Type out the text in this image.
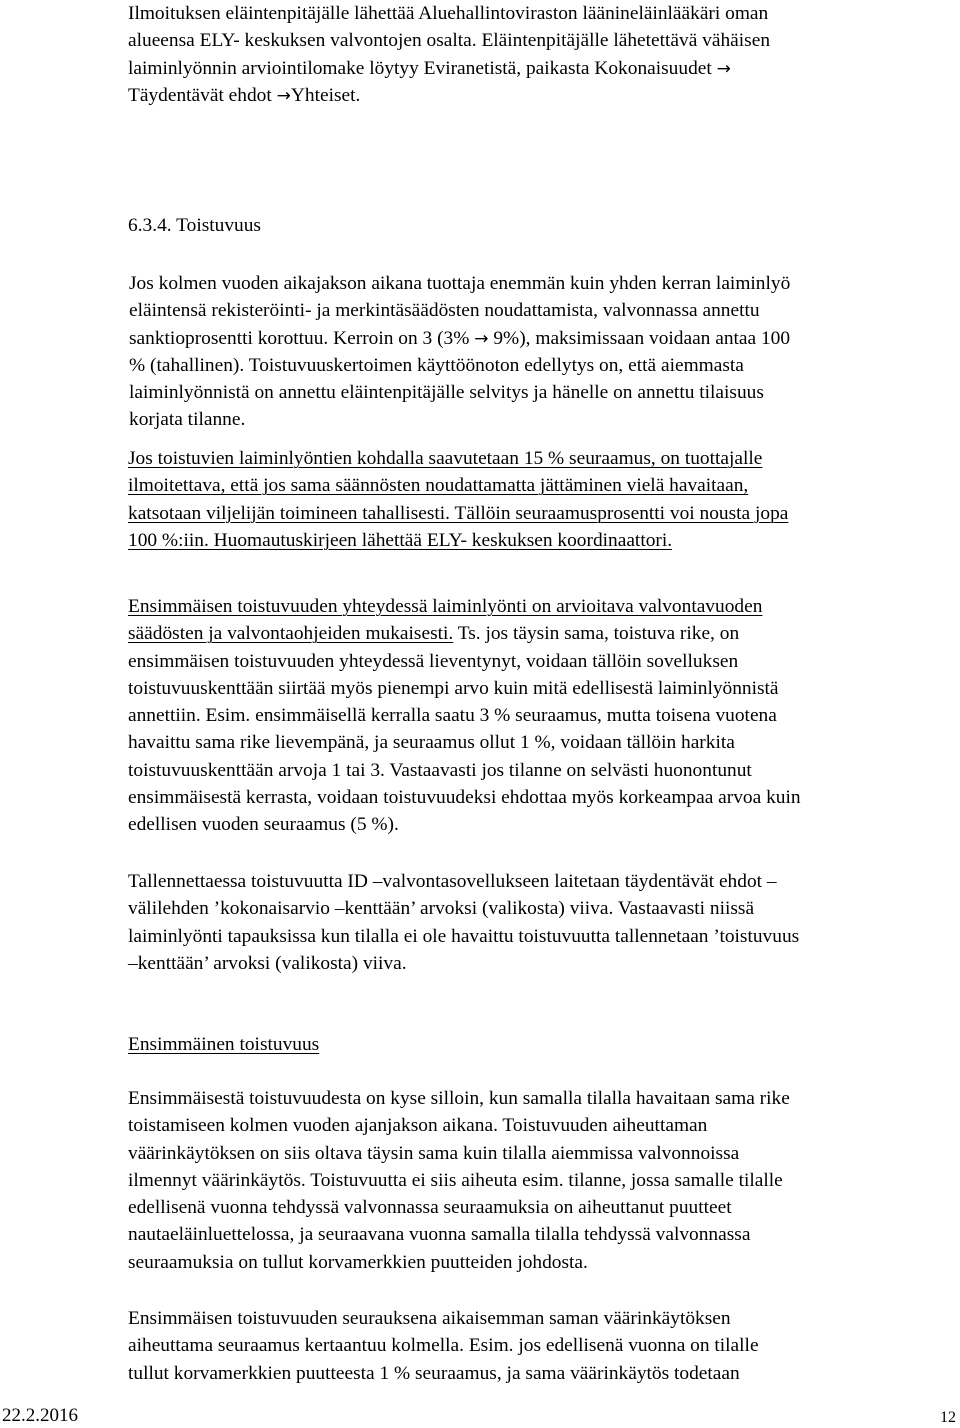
Ilmoituksen eläintenpitäjälle lähettää Aluehallintoviraston läänineläinlääkäri oman
alueensa ELY- keskuksen valvontojen osalta. Eläintenpitäjälle lähetettävä vähäisen
laiminlyönnin arviointilomake löytyy Eviranetistä, paikasta Kokonaisuudet →
Täydentävät ehdot →Yhteiset.
6.3.4. Toistuvuus
Jos kolmen vuoden aikajakson aikana tuottaja enemmän kuin yhden kerran laiminlyö
eläintensä rekisteröinti- ja merkintäsäädösten noudattamista, valvonnassa annettu
sanktioprosentti korottuu. Kerroin on 3 (3% → 9%), maksimissaan voidaan antaa 100
% (tahallinen). Toistuvuuskertoimen käyttöönoton edellytys on, että aiemmasta
laiminlyönnistä on annettu eläintenpitäjälle selvitys ja hänelle on annettu tilaisuus
korjata tilanne.
Jos toistuvien laiminlyöntien kohdalla saavutetaan 15 % seuraamus, on tuottajalle
ilmoitettava, että jos sama säännösten noudattamatta jättäminen vielä havaitaan,
katsotaan viljelijän toimineen tahallisesti. Tällöin seuraamusprosentti voi nousta jopa
100 %:iin. Huomautuskirjeen lähettää ELY- keskuksen koordinaattori.
Ensimmäisen toistuvuuden yhteydessä laiminlyönti on arvioitava valvontavuoden
säädösten ja valvontaohjeiden mukaisesti. Ts. jos täysin sama, toistuva rike, on
ensimmäisen toistuvuuden yhteydessä lieventynyt, voidaan tällöin sovelluksen
toistuvuuskenttään siirtää myös pienempi arvo kuin mitä edellisestä laiminlyönnistä
annettiin. Esim. ensimmäisellä kerralla saatu 3 % seuraamus, mutta toisena vuotena
havaittu sama rike lievempänä, ja seuraamus ollut 1 %, voidaan tällöin harkita
toistuvuuskenttään arvoja 1 tai 3. Vastaavasti jos tilanne on selvästi huonontunut
ensimmäisestä kerrasta, voidaan toistuvuudeksi ehdottaa myös korkeampaa arvoa kuin
edellisen vuoden seuraamus (5 %).
Tallennettaessa toistuvuutta ID –valvontasovellukseen laitetaan täydentävät ehdot –
välilehden ’kokonaisarvio –kenttään’ arvoksi (valikosta) viiva. Vastaavasti niissä
laiminlyönti tapauksissa kun tilalla ei ole havaittu toistuvuutta tallennetaan ’toistuvuus
–kenttään’ arvoksi (valikosta) viiva.
Ensimmäinen toistuvuus
Ensimmäisestä toistuvuudesta on kyse silloin, kun samalla tilalla havaitaan sama rike
toistamiseen kolmen vuoden ajanjakson aikana. Toistuvuuden aiheuttaman
väärinkäytöksen on siis oltava täysin sama kuin tilalla aiemmissa valvonnoissa
ilmennyt väärinkäytös. Toistuvuutta ei siis aiheuta esim. tilanne, jossa samalle tilalle
edellisenä vuonna tehdyssä valvonnassa seuraamuksia on aiheuttanut puutteet
nautaeläinluettelossa, ja seuraavana vuonna samalla tilalla tehdyssä valvonnassa
seuraamuksia on tullut korvamerkkien puutteiden johdosta.
Ensimmäisen toistuvuuden seurauksena aikaisemman saman väärinkäytöksen
aiheuttama seuraamus kertaantuu kolmella. Esim. jos edellisenä vuonna on tilalle
tullut korvamerkkien puutteesta 1 % seuraamus, ja sama väärinkäytös todetaan
22.2.2016	12
